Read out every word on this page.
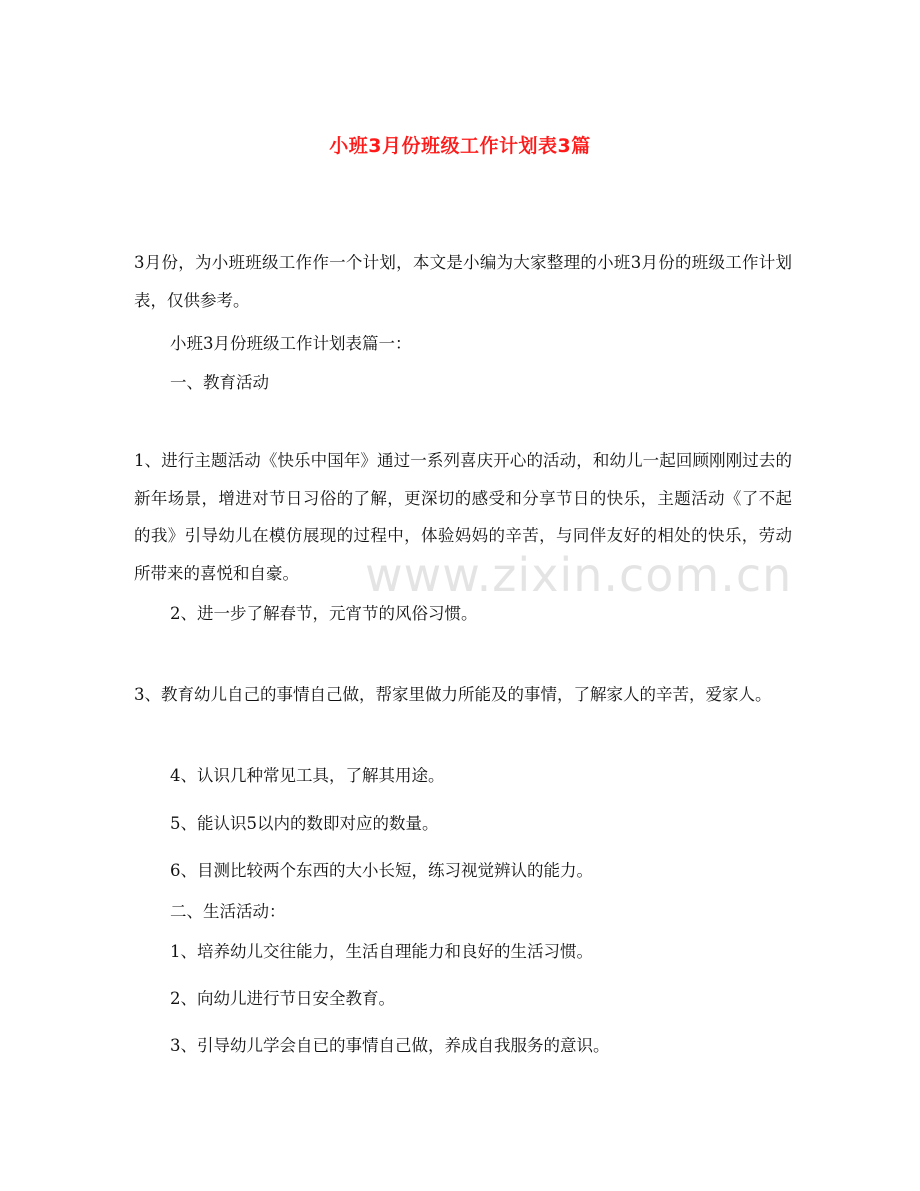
小班3月份班级工作计划表3篇

3月份，为小班班级工作作一个计划，本文是小编为大家整理的小班3月份的班级工作计划表，仅供参考。

小班3月份班级工作计划表篇一：

一、教育活动

1、进行主题活动《快乐中国年》通过一系列喜庆开心的活动，和幼儿一起回顾刚刚过去的新年场景，增进对节日习俗的了解，更深切的感受和分享节日的快乐，主题活动《了不起的我》引导幼儿在模仿展现的过程中，体验妈妈的辛苦，与同伴友好的相处的快乐，劳动所带来的喜悦和自豪。

2、进一步了解春节，元宵节的风俗习惯。

3、教育幼儿自己的事情自己做，帮家里做力所能及的事情，了解家人的辛苦，爱家人。

4、认识几种常见工具，了解其用途。

5、能认识5以内的数即对应的数量。

6、目测比较两个东西的大小长短，练习视觉辨认的能力。

二、生活活动：

1、培养幼儿交往能力，生活自理能力和良好的生活习惯。

2、向幼儿进行节日安全教育。

3、引导幼儿学会自已的事情自己做，养成自我服务的意识。

www.zixin.com.cn
